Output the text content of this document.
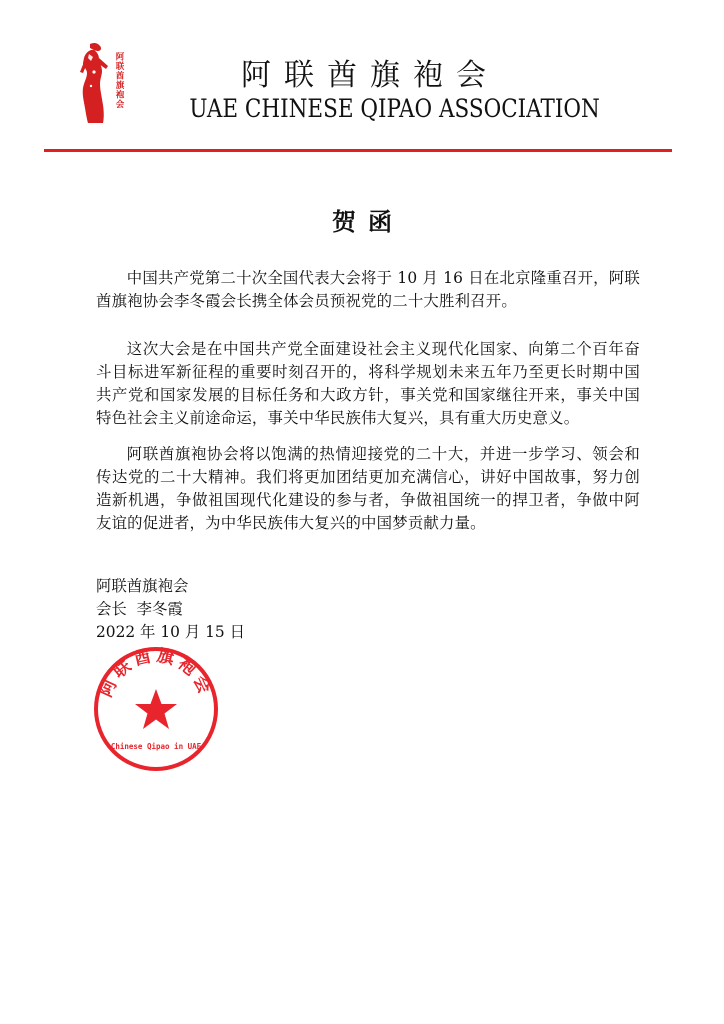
阿联酋旗袍会	阿联酋旗袍会
UAE CHINESE QIPAO ASSOCIATION
贺函

中国共产党第二十次全国代表大会将于 10 月 16 日在北京隆重召开，阿联酋旗袍协会李冬霞会长携全体会员预祝党的二十大胜利召开。

这次大会是在中国共产党全面建设社会主义现代化国家、向第二个百年奋斗目标进军新征程的重要时刻召开的，将科学规划未来五年乃至更长时期中国共产党和国家发展的目标任务和大政方针，事关党和国家继往开来，事关中国特色社会主义前途命运，事关中华民族伟大复兴，具有重大历史意义。

阿联酋旗袍协会将以饱满的热情迎接党的二十大，并进一步学习、领会和传达党的二十大精神。我们将更加团结更加充满信心，讲好中国故事，努力创造新机遇，争做祖国现代化建设的参与者，争做祖国统一的捍卫者，争做中阿友谊的促进者，为中华民族伟大复兴的中国梦贡献力量。

阿联酋旗袍会
会长  李冬霞
2022 年 10 月 15 日
阿联酋旗袍会
Chinese Qipao in UAE
